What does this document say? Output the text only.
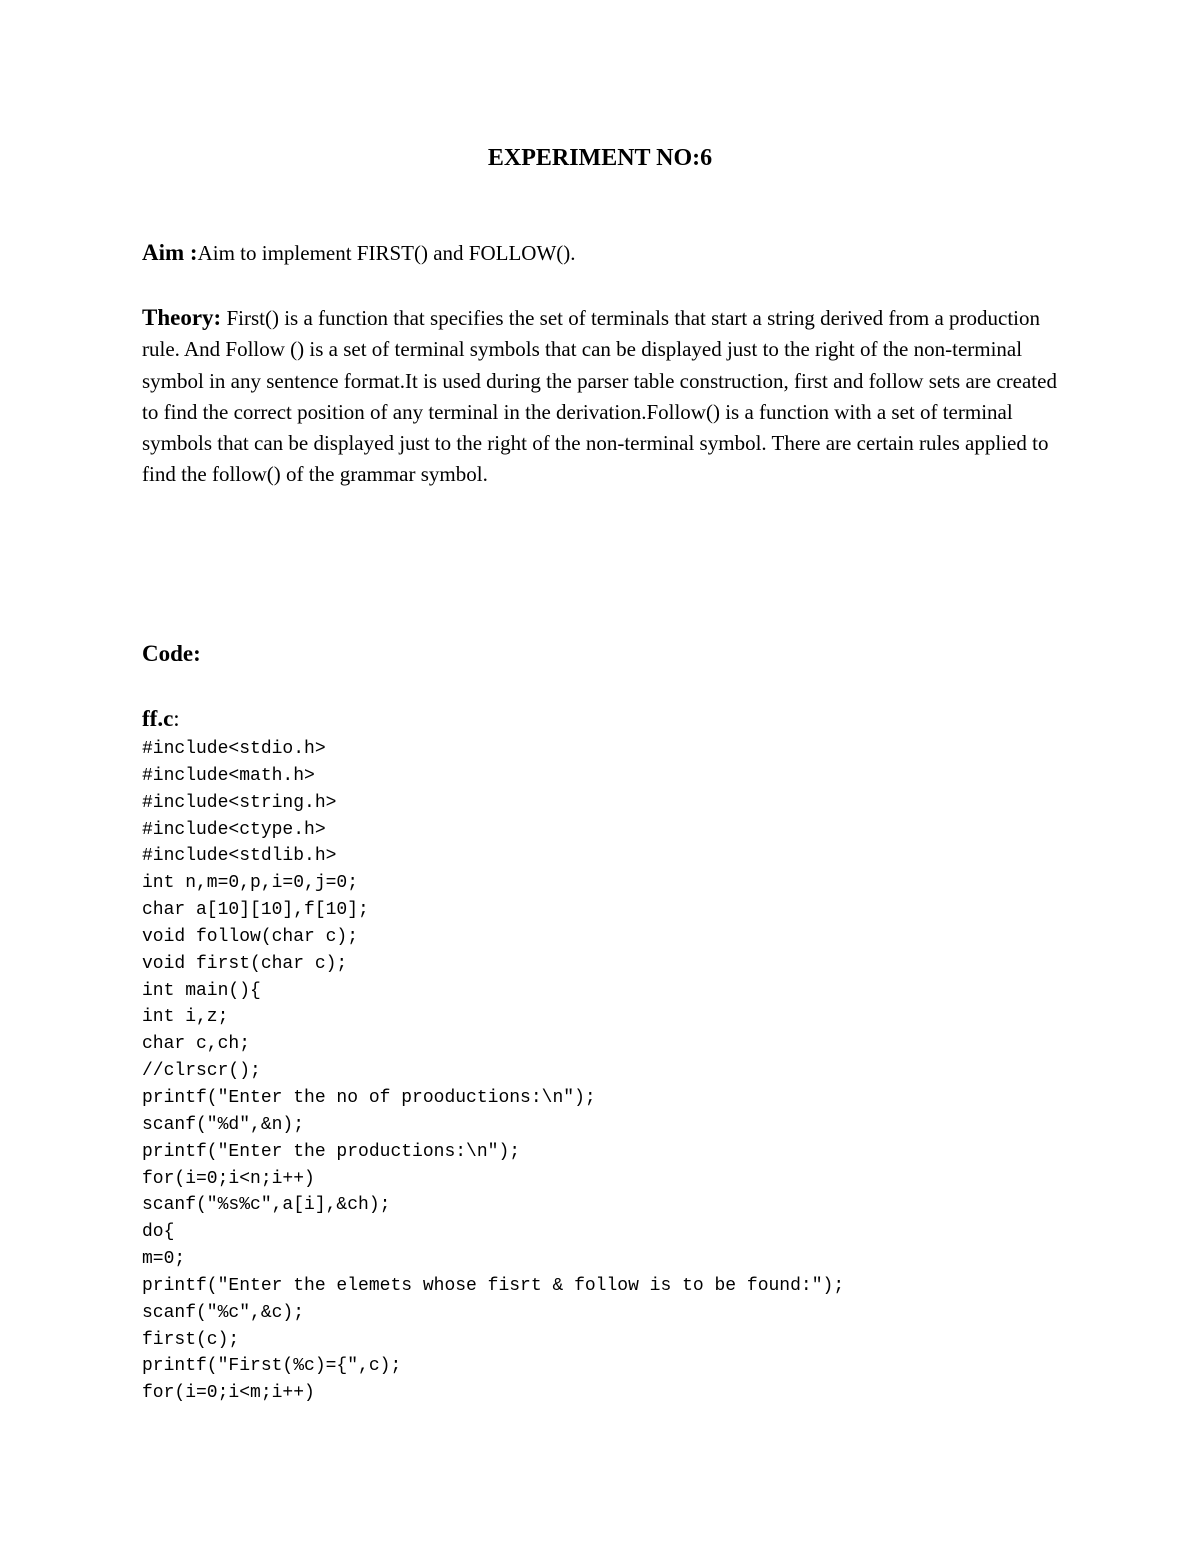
EXPERIMENT NO:6
Aim :Aim to implement FIRST() and FOLLOW().
Theory: First() is a function that specifies the set of terminals that start a string derived from a production rule. And Follow () is a set of terminal symbols that can be displayed just to the right of the non-terminal symbol in any sentence format.It is used during the parser table construction, first and follow sets are created to find the correct position of any terminal in the derivation.Follow() is a function with a set of terminal symbols that can be displayed just to the right of the non-terminal symbol. There are certain rules applied to find the follow() of the grammar symbol.
Code:
ff.c:
#include<stdio.h>
#include<math.h>
#include<string.h>
#include<ctype.h>
#include<stdlib.h>
int n,m=0,p,i=0,j=0;
char a[10][10],f[10];
void follow(char c);
void first(char c);
int main(){
int i,z;
char c,ch;
//clrscr();
printf("Enter the no of prooductions:\n");
scanf("%d",&n);
printf("Enter the productions:\n");
for(i=0;i<n;i++)
scanf("%s%c",a[i],&ch);
do{
m=0;
printf("Enter the elemets whose fisrt & follow is to be found:");
scanf("%c",&c);
first(c);
printf("First(%c)={",c);
for(i=0;i<m;i++)
